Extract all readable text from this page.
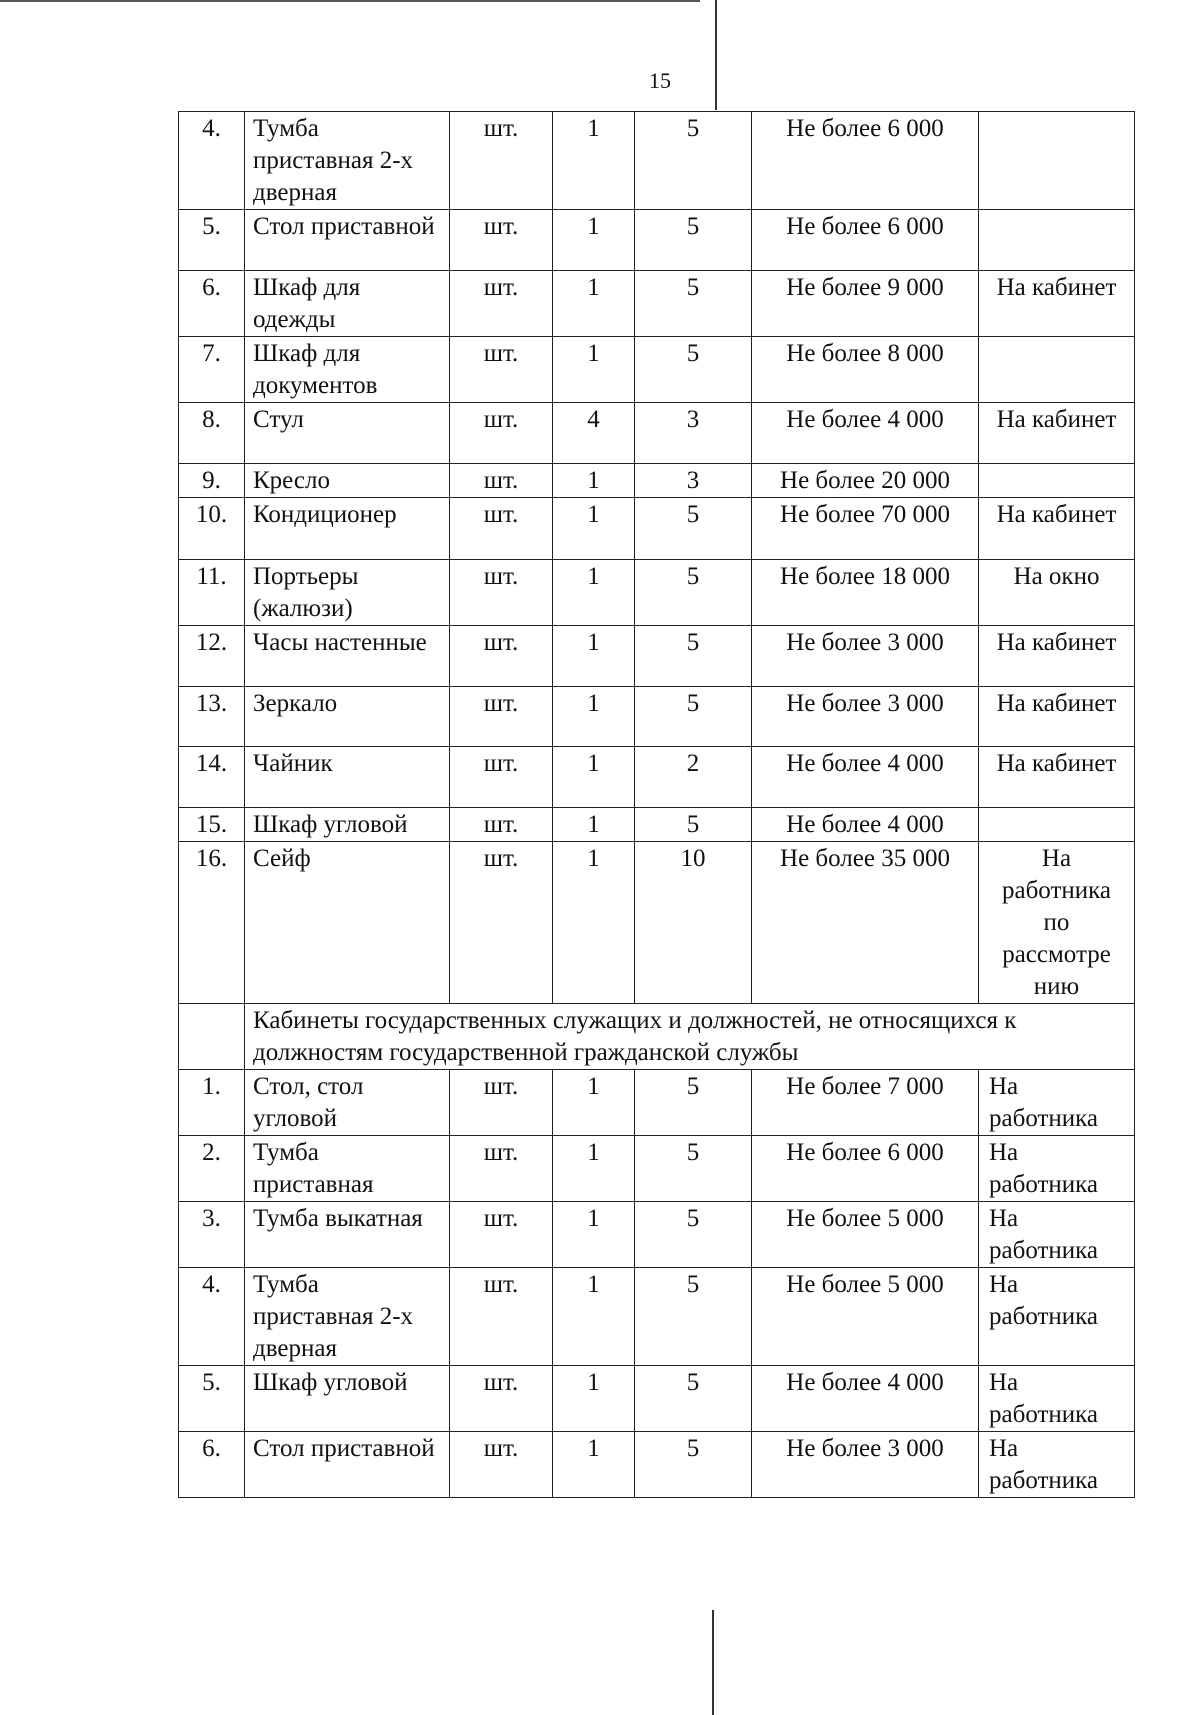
15
4.	Тумба приставная 2-х дверная	шт.	1	5	Не более 6 000	
5.	Стол приставной	шт.	1	5	Не более 6 000	
6.	Шкаф для одежды	шт.	1	5	Не более 9 000	На кабинет
7.	Шкаф для документов	шт.	1	5	Не более 8 000	
8.	Стул	шт.	4	3	Не более 4 000	На кабинет
9.	Кресло	шт.	1	3	Не более 20 000	
10.	Кондиционер	шт.	1	5	Не более 70 000	На кабинет
11.	Портьеры (жалюзи)	шт.	1	5	Не более 18 000	На окно
12.	Часы настенные	шт.	1	5	Не более 3 000	На кабинет
13.	Зеркало	шт.	1	5	Не более 3 000	На кабинет
14.	Чайник	шт.	1	2	Не более 4 000	На кабинет
15.	Шкаф угловой	шт.	1	5	Не более 4 000	
16.	Сейф	шт.	1	10	Не более 35 000	На работника по рассмотре нию
	Кабинеты государственных служащих и должностей, не относящихся к должностям государственной гражданской службы					
1.	Стол, стол угловой	шт.	1	5	Не более 7 000	На работника
2.	Тумба приставная	шт.	1	5	Не более 6 000	На работника
3.	Тумба выкатная	шт.	1	5	Не более 5 000	На работника
4.	Тумба приставная 2-х дверная	шт.	1	5	Не более 5 000	На работника
5.	Шкаф угловой	шт.	1	5	Не более 4 000	На работника
6.	Стол приставной	шт.	1	5	Не более 3 000	На работника
